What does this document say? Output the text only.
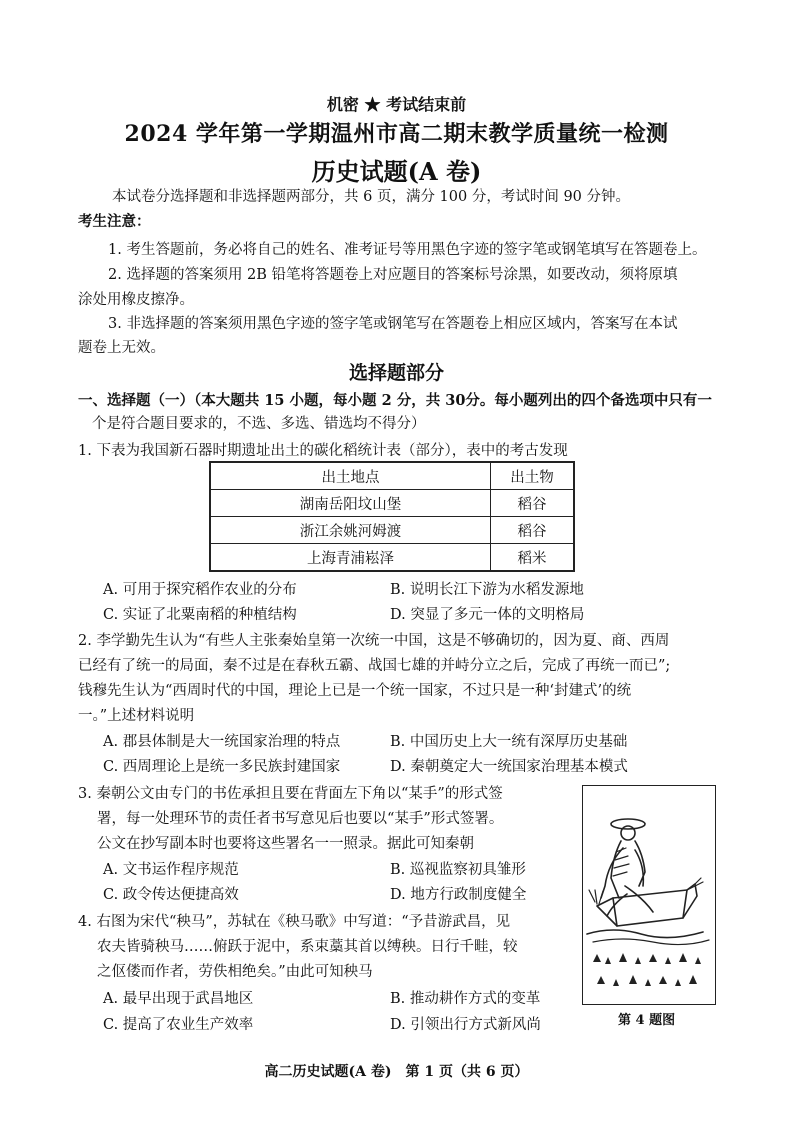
机密 ★ 考试结束前
2024 学年第一学期温州市高二期末教学质量统一检测
历史试题(A 卷)
本试卷分选择题和非选择题两部分，共 6 页，满分 100 分，考试时间 90 分钟。
考生注意：
1. 考生答题前，务必将自己的姓名、准考证号等用黑色字迹的签字笔或钢笔填写在答题卷上。
2. 选择题的答案须用 2B 铅笔将答题卷上对应题目的答案标号涂黑，如要改动，须将原填
涂处用橡皮擦净。
3. 非选择题的答案须用黑色字迹的签字笔或钢笔写在答题卷上相应区域内，答案写在本试
题卷上无效。
选择题部分
一、选择题（一）（本大题共 15 小题，每小题 2 分，共 30分。每小题列出的四个备选项中只有一
个是符合题目要求的，不选、多选、错选均不得分）
1. 下表为我国新石器时期遗址出土的碳化稻统计表（部分），表中的考古发现
出土地点	出土物
湖南岳阳坟山堡	稻谷
浙江余姚河姆渡	稻谷
上海青浦崧泽	稻米
A. 可用于探究稻作农业的分布	B. 说明长江下游为水稻发源地
C. 实证了北粟南稻的种植结构	D. 突显了多元一体的文明格局
2. 李学勤先生认为“有些人主张秦始皇第一次统一中国，这是不够确切的，因为夏、商、西周
已经有了统一的局面，秦不过是在春秋五霸、战国七雄的并峙分立之后，完成了再统一而已”;
钱穆先生认为“西周时代的中国，理论上已是一个统一国家，不过只是一种‘封建式’的统
一。”上述材料说明
A. 郡县体制是大一统国家治理的特点	B. 中国历史上大一统有深厚历史基础
C. 西周理论上是统一多民族封建国家	D. 秦朝奠定大一统国家治理基本模式
3. 秦朝公文由专门的书佐承担且要在背面左下角以“某手”的形式签
署，每一处理环节的责任者书写意见后也要以“某手”形式签署。
公文在抄写副本时也要将这些署名一一照录。据此可知秦朝
A. 文书运作程序规范	B. 巡视监察初具雏形
C. 政令传达便捷高效	D. 地方行政制度健全
4. 右图为宋代“秧马”，苏轼在《秧马歌》中写道：“予昔游武昌，见
农夫皆骑秧马……俯跃于泥中，系束藁其首以缚秧。日行千畦，较
之伛偻而作者，劳佚相绝矣。”由此可知秧马
A. 最早出现于武昌地区	B. 推动耕作方式的变革
C. 提高了农业生产效率	D. 引领出行方式新风尚	第 4 题图
高二历史试题(A 卷)　第 1 页（共 6 页）
